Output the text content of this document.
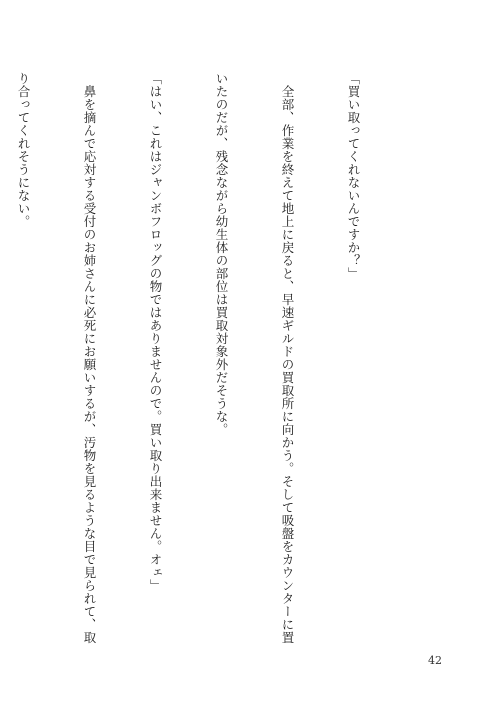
「買い取ってくれないんですか？」

　全部、作業を終えて地上に戻ると、早速ギルドの買取所に向かう。そして吸盤をカウンターに置

いたのだが、残念ながら幼生体の部位は買取対象外だそうな。

「はい、これはジャンボフロッグの物ではありませんので。買い取り出来ません。オェ」

　鼻を摘んで応対する受付のお姉さんに必死にお願いするが、汚物を見るような目で見られて、取

り合ってくれそうにない。

42
